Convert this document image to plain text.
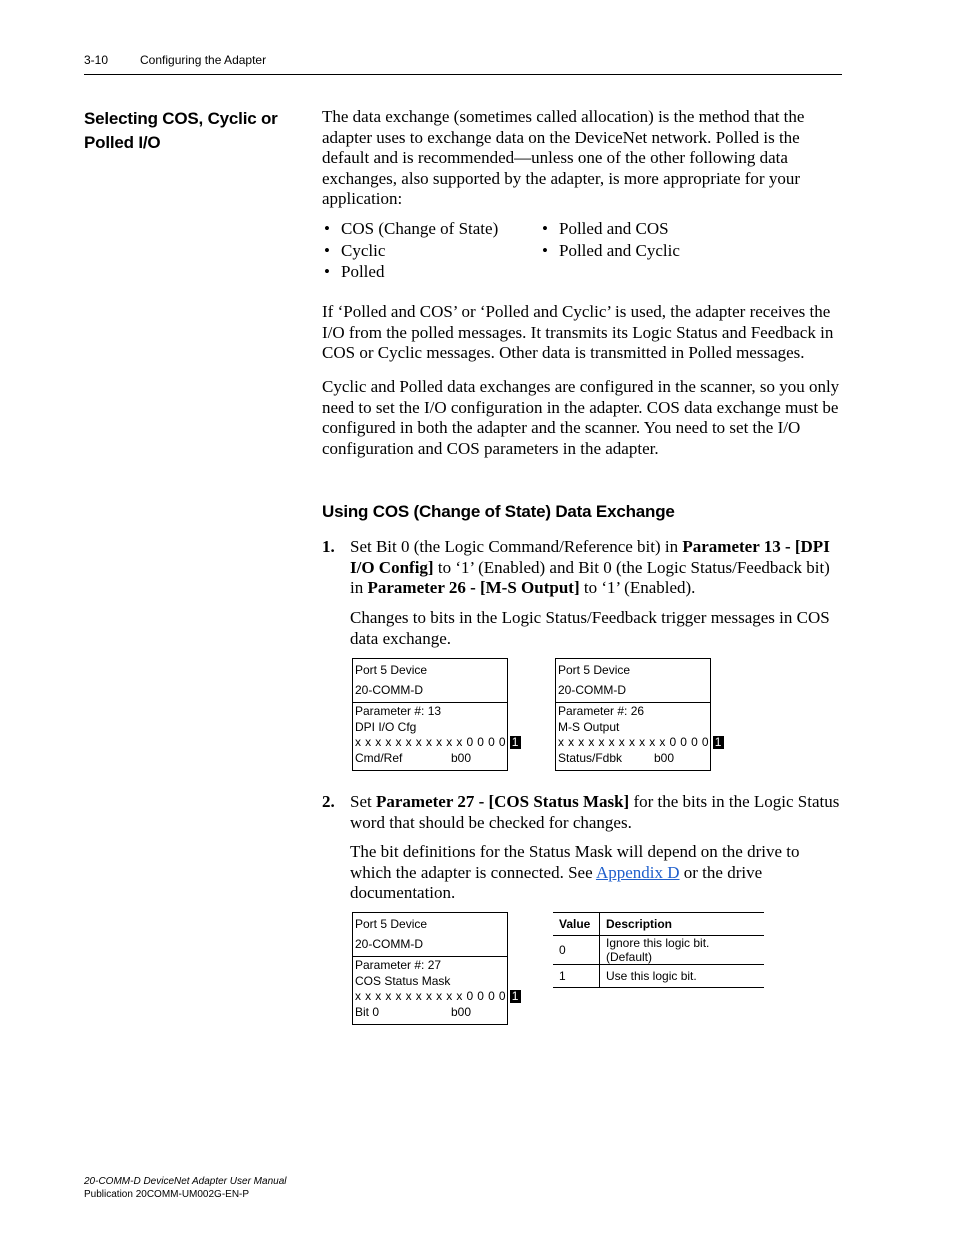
3-10	Configuring the Adapter
Selecting COS, Cyclic or
Polled I/O
The data exchange (sometimes called allocation) is the method that the adapter uses to exchange data on the DeviceNet network. Polled is the default and is recommended—unless one of the other following data exchanges, also supported by the adapter, is more appropriate for your application:
• COS (Change of State)
• Cyclic
• Polled
• Polled and COS
• Polled and Cyclic
If ‘Polled and COS’ or ‘Polled and Cyclic’ is used, the adapter receives the I/O from the polled messages. It transmits its Logic Status and Feedback in COS or Cyclic messages. Other data is transmitted in Polled messages.
Cyclic and Polled data exchanges are configured in the scanner, so you only need to set the I/O configuration in the adapter. COS data exchange must be configured in both the adapter and the scanner. You need to set the I/O configuration and COS parameters in the adapter.
Using COS (Change of State) Data Exchange
1. Set Bit 0 (the Logic Command/Reference bit) in Parameter 13 - [DPI I/O Config] to ‘1’ (Enabled) and Bit 0 (the Logic Status/Feedback bit) in Parameter 26 - [M-S Output] to ‘1’ (Enabled).
Changes to bits in the Logic Status/Feedback trigger messages in COS data exchange.
Port 5 Device
20-COMM-D
Parameter #: 13
DPI I/O Cfg
x x x x x x x x x x x 0 0 0 0 1
Cmd/Ref	b00
Port 5 Device
20-COMM-D
Parameter #: 26
M-S Output
x x x x x x x x x x x 0 0 0 0 1
Status/Fdbk	b00
2. Set Parameter 27 - [COS Status Mask] for the bits in the Logic Status word that should be checked for changes.
The bit definitions for the Status Mask will depend on the drive to which the adapter is connected. See Appendix D or the drive documentation.
Port 5 Device
20-COMM-D
Parameter #: 27
COS Status Mask
x x x x x x x x x x x 0 0 0 0 1
Bit 0	b00
Value	Description
0	Ignore this logic bit. (Default)
1	Use this logic bit.
20-COMM-D DeviceNet Adapter User Manual
Publication 20COMM-UM002G-EN-P
